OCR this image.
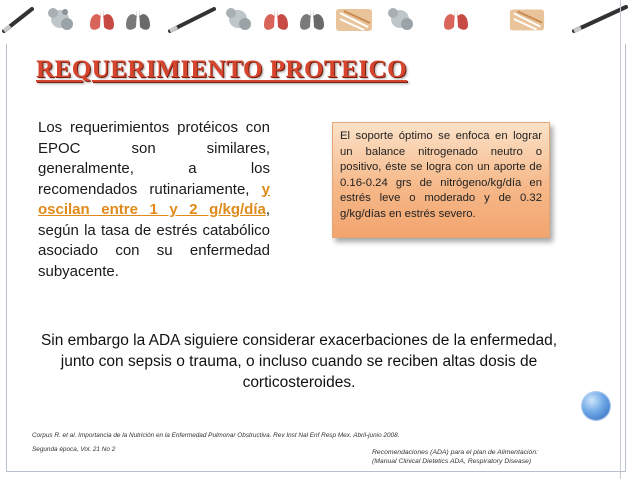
REQUERIMIENTO PROTEICO
Los requerimientos protéicos con EPOC son similares, generalmente, a los recomendados rutinariamente, y oscilan entre 1 y 2 g/kg/día, según la tasa de estrés catabólico asociado con su enfermedad subyacente.
El soporte óptimo se enfoca en lograr un balance nitrogenado neutro o positivo, éste se logra con un aporte de 0.16-0.24 grs de nitrógeno/kg/día en estrés leve o moderado y de 0.32 g/kg/días en estrés severo.
Sin embargo la ADA siguiere considerar exacerbaciones de la enfermedad, junto con sepsis o trauma, o incluso cuando se reciben altas dosis de corticosteroides.
Corpus R. et al. Importancia de la Nutrición en la Enfermedad Pulmonar Obstructiva. Rev Inst Nal Enf Resp Mex. Abril-junio 2008.
Segunda época, Vol. 21 No 2	Recomendaciones (ADA) para el plan de Alimentación:
(Manual Clinical Dietetics ADA, Respiratory Disease)
